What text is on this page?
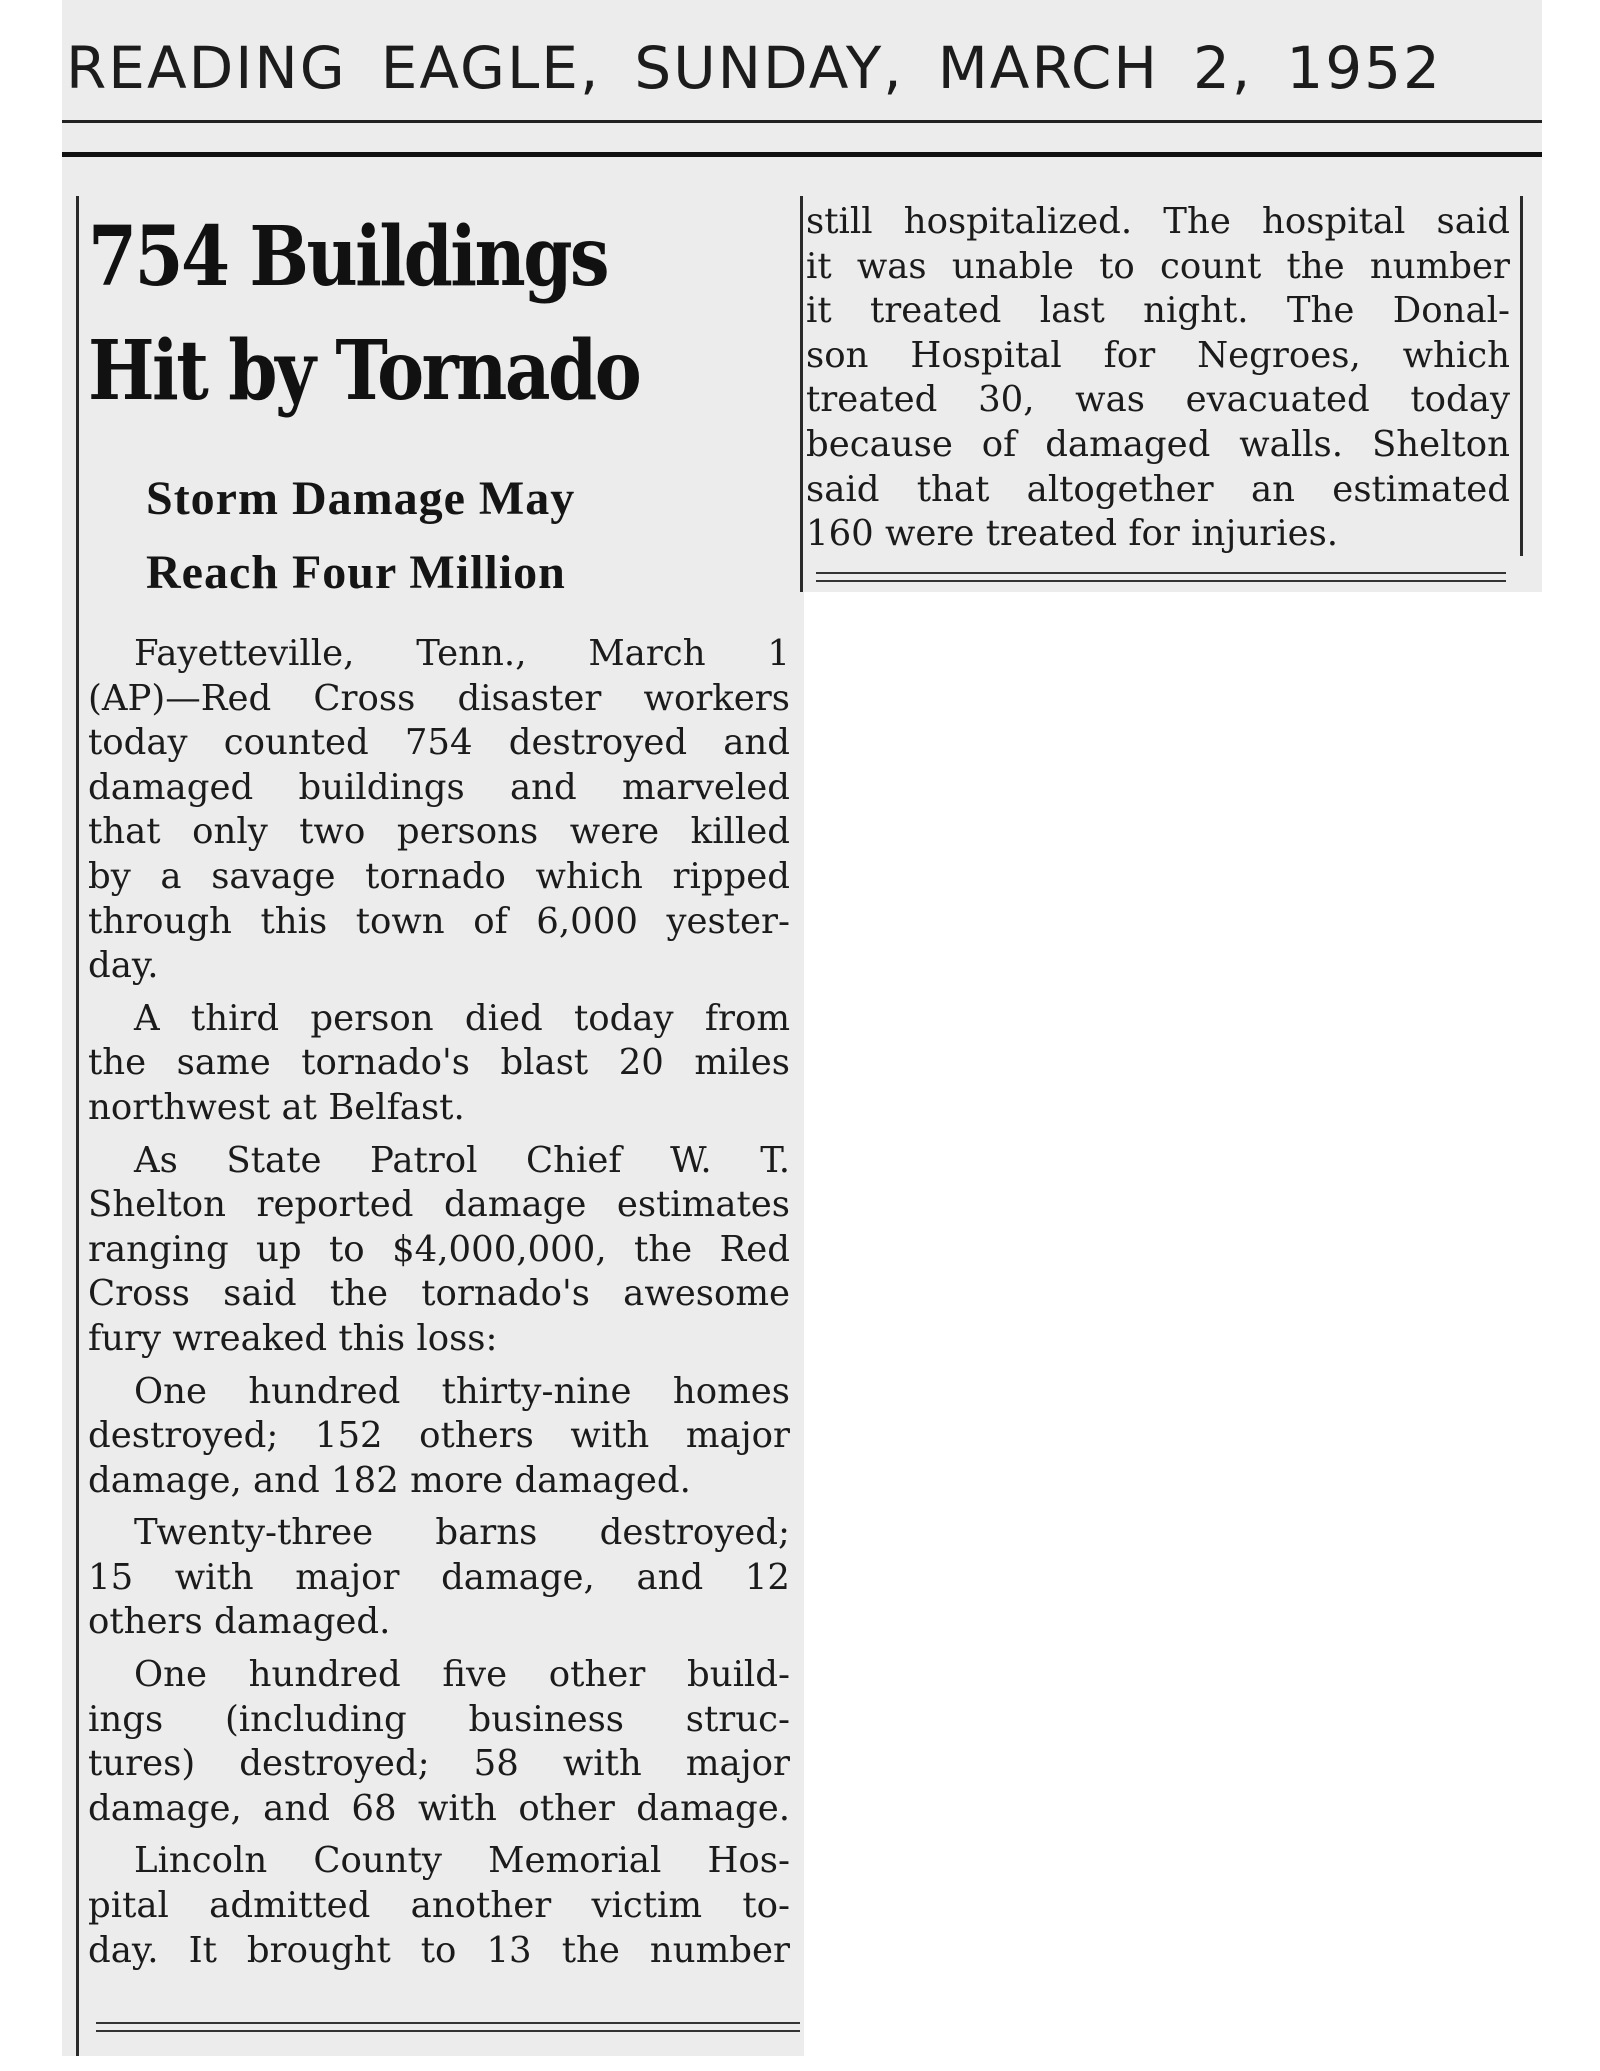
READING EAGLE, SUNDAY, MARCH 2, 1952
754 Buildings
Hit by Tornado
Storm Damage May
Reach Four Million
Fayetteville, Tenn., March 1
(AP)—Red Cross disaster workers
today counted 754 destroyed and
damaged buildings and marveled
that only two persons were killed
by a savage tornado which ripped
through this town of 6,000 yester-
day.
A third person died today from
the same tornado's blast 20 miles
northwest at Belfast.
As State Patrol Chief W. T.
Shelton reported damage estimates
ranging up to $4,000,000, the Red
Cross said the tornado's awesome
fury wreaked this loss:
One hundred thirty-nine homes
destroyed; 152 others with major
damage, and 182 more damaged.
Twenty-three barns destroyed;
15 with major damage, and 12
others damaged.
One hundred five other build-
ings (including business struc-
tures) destroyed; 58 with major
damage, and 68 with other damage.
Lincoln County Memorial Hos-
pital admitted another victim to-
day. It brought to 13 the number
still hospitalized. The hospital said
it was unable to count the number
it treated last night. The Donal-
son Hospital for Negroes, which
treated 30, was evacuated today
because of damaged walls. Shelton
said that altogether an estimated
160 were treated for injuries.
